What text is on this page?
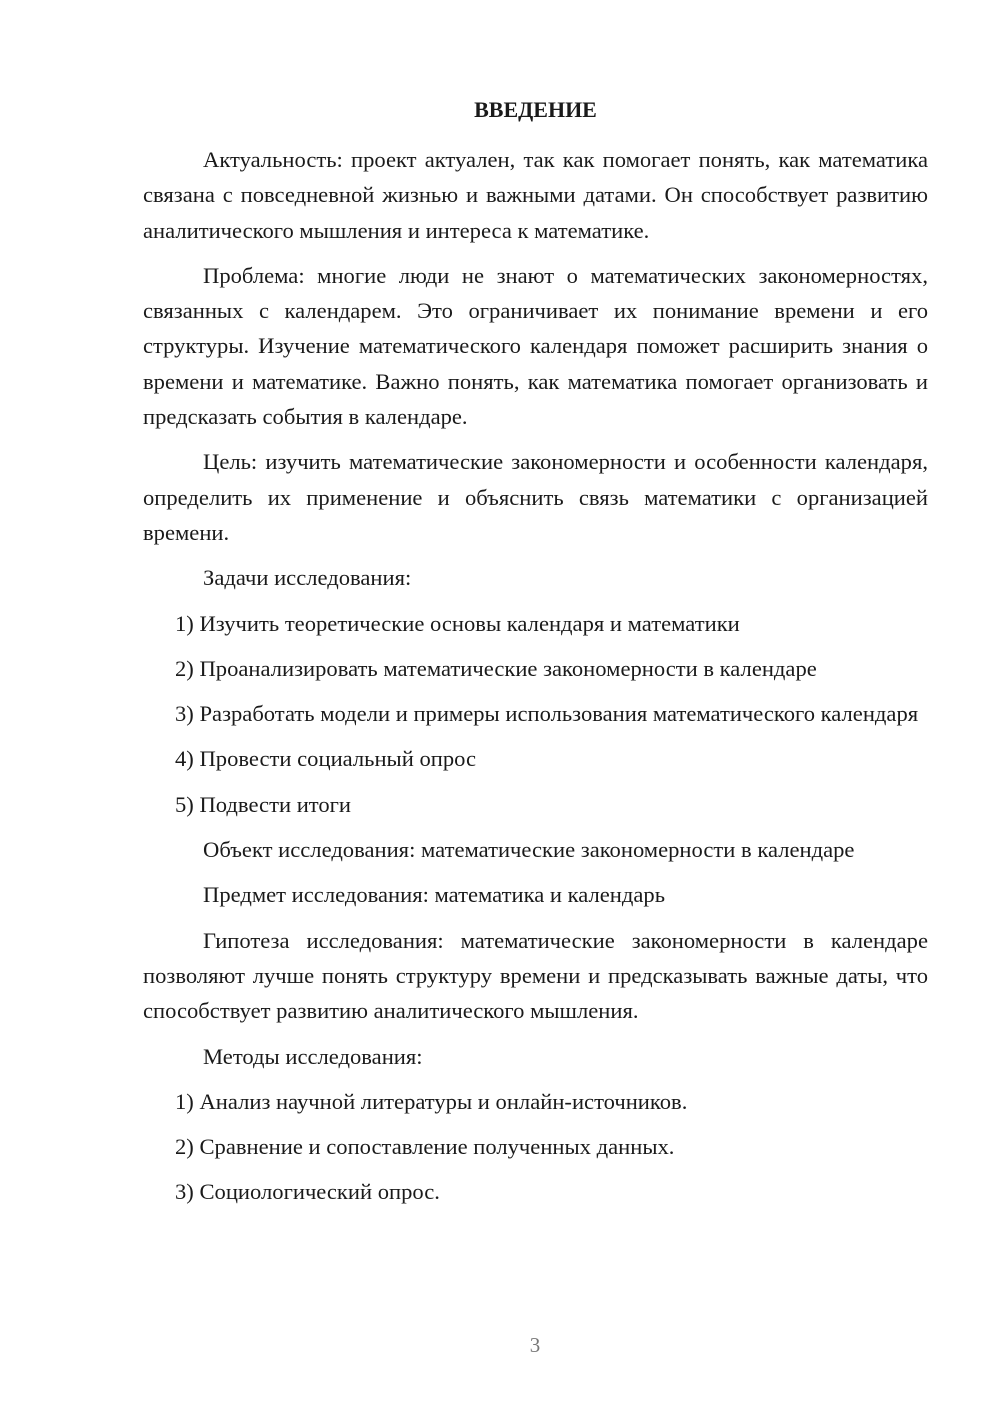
ВВЕДЕНИЕ

Актуальность: проект актуален, так как помогает понять, как математика связана с повседневной жизнью и важными датами. Он способствует развитию аналитического мышления и интереса к математике.

Проблема: многие люди не знают о математических закономерностях, связанных с календарем. Это ограничивает их понимание времени и его структуры. Изучение математического календаря поможет расширить знания о времени и математике. Важно понять, как математика помогает организовать и предсказать события в календаре.

Цель: изучить математические закономерности и особенности календаря, определить их применение и объяснить связь математики с организацией времени.

Задачи исследования:

1) Изучить теоретические основы календаря и математики

2) Проанализировать математические закономерности в календаре

3) Разработать модели и примеры использования математического календаря

4) Провести социальный опрос

5) Подвести итоги

Объект исследования: математические закономерности в календаре

Предмет исследования: математика и календарь

Гипотеза исследования: математические закономерности в календаре позволяют лучше понять структуру времени и предсказывать важные даты, что способствует развитию аналитического мышления.

Методы исследования:

1) Анализ научной литературы и онлайн-источников.

2) Сравнение и сопоставление полученных данных.

3) Социологический опрос.

3
